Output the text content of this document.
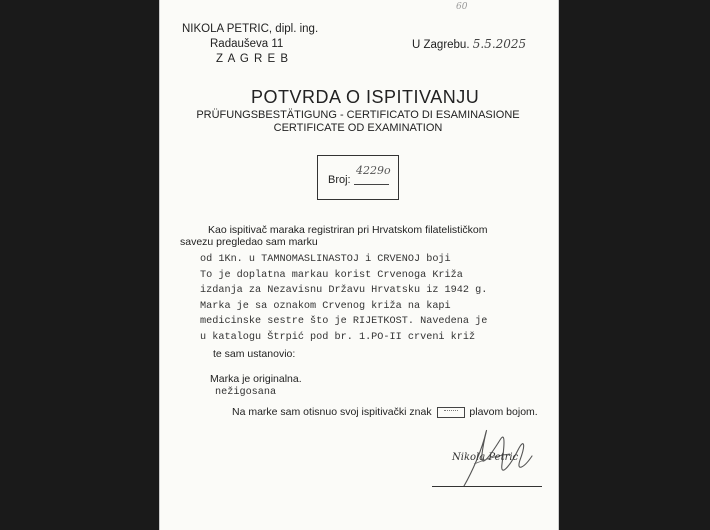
60
NIKOLA PETRIC, dipl. ing.
Radauševa 11
Z A G R E B
U Zagrebu. 5.5.2025
POTVRDA O ISPITIVANJU
PRÜFUNGSBESTÄTIGUNG - CERTIFICATO DI ESAMINASIONE
CERTIFICATE OD EXAMINATION
Broj:
4229o
Kao ispitivač maraka registriran pri Hrvatskom filatelističkom
savezu pregledao sam marku
od 1Kn. u TAMNOMASLINASTOJ i CRVENOJ boji
To je doplatna markau korist Crvenoga Križa
izdanja za Nezavisnu Državu Hrvatsku iz 1942 g.
Marka je sa oznakom Crvenog križa na kapi
medicinske sestre što je RIJETKOST. Navedena je
u katalogu Štrpić pod br. 1.PO-II crveni križ
te sam ustanovio:
Marka je originalna.
nežigosana
Na marke sam otisnuo svoj ispitivački znak	plavom bojom.
Nikola Petric
